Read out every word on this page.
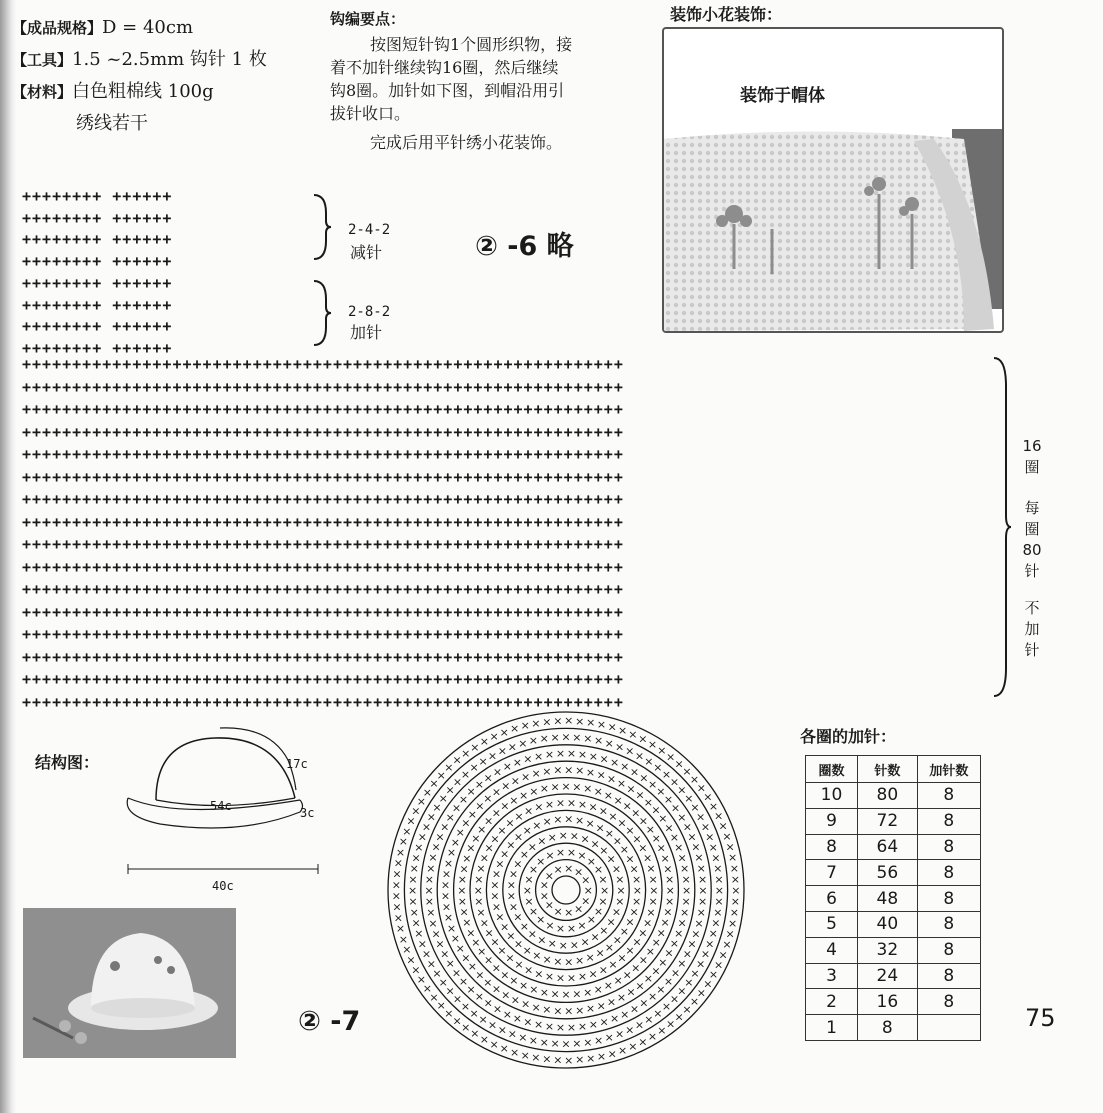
【成品规格】D = 40cm
【工具】1.5 ~2.5mm 钩针 1 枚
【材料】白色粗棉线 100g
绣线若干
钩编要点：
按图短针钩1个圆形织物，接
着不加针继续钩16圈，然后继续
钩8圈。加针如下图，到帽沿用引
拔针收口。
完成后用平针绣小花装饰。
装饰小花装饰：
装饰于帽体
++++++++ ++++++
++++++++ ++++++
++++++++ ++++++
++++++++ ++++++
++++++++ ++++++
++++++++ ++++++
++++++++ ++++++
++++++++ ++++++
2-4-2
减针
2-8-2
加针
② -6 略
++++++++++++++++++++++++++++++++++++++++++++++++++++++++++++
++++++++++++++++++++++++++++++++++++++++++++++++++++++++++++
++++++++++++++++++++++++++++++++++++++++++++++++++++++++++++
++++++++++++++++++++++++++++++++++++++++++++++++++++++++++++
++++++++++++++++++++++++++++++++++++++++++++++++++++++++++++
++++++++++++++++++++++++++++++++++++++++++++++++++++++++++++
++++++++++++++++++++++++++++++++++++++++++++++++++++++++++++
++++++++++++++++++++++++++++++++++++++++++++++++++++++++++++
++++++++++++++++++++++++++++++++++++++++++++++++++++++++++++
++++++++++++++++++++++++++++++++++++++++++++++++++++++++++++
++++++++++++++++++++++++++++++++++++++++++++++++++++++++++++
++++++++++++++++++++++++++++++++++++++++++++++++++++++++++++
++++++++++++++++++++++++++++++++++++++++++++++++++++++++++++
++++++++++++++++++++++++++++++++++++++++++++++++++++++++++++
++++++++++++++++++++++++++++++++++++++++++++++++++++++++++++
++++++++++++++++++++++++++++++++++++++++++++++++++++++++++++
16
圈
每
圈
80
针
不
加
针
结构图：	17c
54c	3c
40c
② -7
×
×
×
×
×
×
×
×
× × × ×
×
×
×
×
×
×
×
×
×
×
×
×
×
×
×
× × × × × ×
×
×
×
×
×
×
×
×
×
×
×
×
×
×
×
×
×
×
×
×
×
×
× × × × × × ×
×
×
×
×
×
×
×
×
×
×
×
×
×
×
×
×
×
×
×
×
×
×
×
×
×
×
×
×
×
×
×
× × × × × × × × ×
×
×
×
×
×
×
×
×
×
×
×
×
×
×
×
×
×
×
×
×
×
×
×
×
×
×
×
×
×
×
×
×
×
×
×
×
×
× × × × × × × × × × × ×
×
×
×
×
×
×
×
×
×
×
×
×
×
×
×
×
×
×
×
×
×
×
×
×
×
×
×
×
×
×
×
×
×
×
×
×
×
×
×
×
×
×
×
×
×
× × × × × × × × × × × × ×
×
×
×
×
×
×
×
×
×
×
×
×
×
×
×
×
×
×
×
×
×
×
×
×
×
×
×
×
×
×
×
×
×
×
×
×
×
×
×
×
×
×
×
×
×
×
×
×
×
×
×
×
×
× × × × × × × × × × × × × × ×
×
×
×
×
×
×
×
×
×
×
×
×
×
×
×
×
×
×
×
×
×
×
×
×
×
×
×
×
×
×
×
×
×
×
×
×
×
×
×
×
×
×
×
×
×
×
×
×
×
×
×
×
×
×
×
×
×
×
×
×
× × × × × × × × × × × × × × × ×
×
×
×
×
×
×
×
×
×
×
×
×
×
×
×
×
×
×
×
×
×
×
×
×
×
×
×
×
×
×
×
×
×
×
×
×
×
×
×
×
×
×
×
×
×
×
×
×
×
×
×
×
×
×
×
×
×
×
×
×
×
×
×
×
×
×
×
×
× × × × × × × × × × × × × × × × × × ×
×
×
×
×
×
×
×
×
×
×
×
×
×
×
×
×
×
×
×
×
×
×
×
×
×
×
×
×
×
×
×
×
×
×
×
×
×
×
×
×
×
×
×
×
×
×
×
×
×
×
×
×
×
×
×
×
×
×
×
×
×
×
×
×
×
×
×
×
×
×
×
×
×
×
×
× × × × × × × × × × × × × × × × × × × × ×
×
×
×
×
×
×
×
×
×
×
×
×
×
各圈的加针：
圈数	针数	加针数
10	80	8
9	72	8
8	64	8
7	56	8
6	48	8
5	40	8
4	32	8
3	24	8
2	16	8
1	8		75
